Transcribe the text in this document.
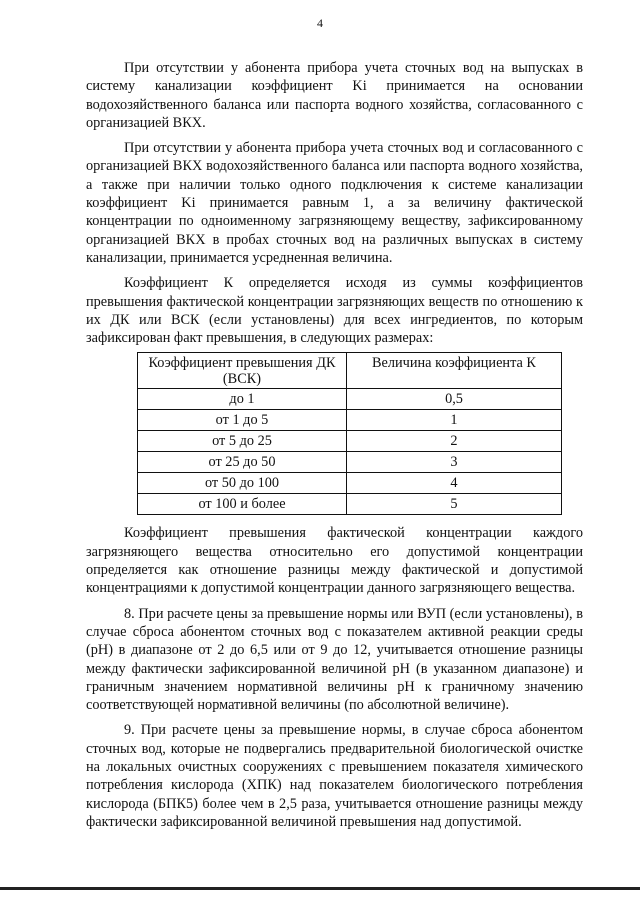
4

При отсутствии у абонента прибора учета сточных вод на выпусках в систему канализации коэффициент Ki принимается на основании водохозяйственного баланса или паспорта водного хозяйства, согласованного с организацией ВКХ.

При отсутствии у абонента прибора учета сточных вод и согласованного с организацией ВКХ водохозяйственного баланса или паспорта водного хозяйства, а также при наличии только одного подключения к системе канализации коэффициент Ki принимается равным 1, а за величину фактической концентрации по одноименному загрязняющему веществу, зафиксированному организацией ВКХ в пробах сточных вод на различных выпусках в систему канализации, принимается усредненная величина.

Коэффициент К определяется исходя из суммы коэффициентов превышения фактической концентрации загрязняющих веществ по отношению к их ДК или ВСК (если установлены) для всех ингредиентов, по которым зафиксирован факт превышения, в следующих размерах:

Коэффициент превышения ДК (ВСК)	Величина коэффициента К
до 1	0,5
от 1 до 5	1
от 5 до 25	2
от 25 до 50	3
от 50 до 100	4
от 100 и более	5

Коэффициент превышения фактической концентрации каждого загрязняющего вещества относительно его допустимой концентрации определяется как отношение разницы между фактической и допустимой концентрациями к допустимой концентрации данного загрязняющего вещества.

8. При расчете цены за превышение нормы или ВУП (если установлены), в случае сброса абонентом сточных вод с показателем активной реакции среды (pH) в диапазоне от 2 до 6,5 или от 9 до 12, учитывается отношение разницы между фактически зафиксированной величиной pH (в указанном диапазоне) и граничным значением нормативной величины pH к граничному значению соответствующей нормативной величины (по абсолютной величине).

9. При расчете цены за превышение нормы, в случае сброса абонентом сточных вод, которые не подвергались предварительной биологической очистке на локальных очистных сооружениях с превышением показателя химического потребления кислорода (ХПК) над показателем биологического потребления кислорода (БПК5) более чем в 2,5 раза, учитывается отношение разницы между фактически зафиксированной величиной превышения над допустимой.
